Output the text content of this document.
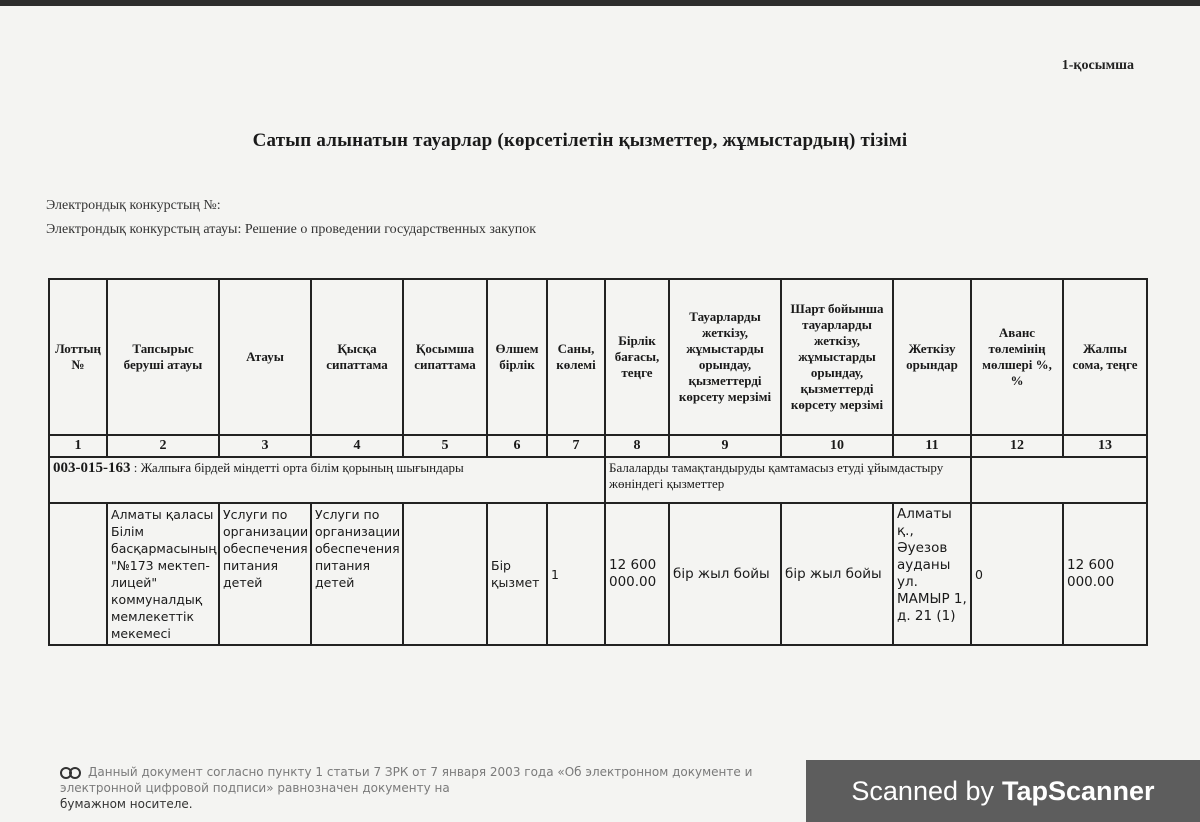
1-қосымша
Сатып алынатын тауарлар (көрсетілетін қызметтер, жұмыстардың) тізімі
Электрондық конкурстың №:
Электрондық конкурстың атауы: Решение о проведении государственных закупок
Лоттың №	Тапсырыс беруші атауы	Атауы	Қысқа сипаттама	Қосымша сипаттама	Өлшем бірлік	Саны, көлемі	Бірлік бағасы, теңге	Тауарларды жеткізу, жұмыстарды орындау, қызметтерді көрсету мерзімі	Шарт бойынша тауарларды жеткізу, жұмыстарды орындау, қызметтерді көрсету мерзімі	Жеткізу орындар	Аванс төлемінің мөлшері %, %	Жалпы сома, теңге
1	2	3	4	5	6	7	8	9	10	11	12	13
003-015-163 : Жалпыға бірдей міндетті орта білім қорының шығындары							Балаларды тамақтандыруды қамтамасыз етуді ұйымдастыру жөніндегі қызметтер					
	Алматы қаласы Білім басқармасының "№173 мектеп-лицей" коммуналдық мемлекеттік мекемесі	Услуги по организации обеспечения питания детей	Услуги по организации обеспечения питания детей		Бір қызмет	1	12 600 000.00	бір жыл бойы	бір жыл бойы	Алматы қ., Әуезов ауданы ул. МАМЫР 1, д. 21 (1)	0	12 600 000.00
Данный документ согласно пункту 1 статьи 7 ЗРК от 7 января 2003 года «Об электронном документе и электронной цифровой подписи» равнозначен документу на
бумажном носителе.	Scanned by TapScanner
